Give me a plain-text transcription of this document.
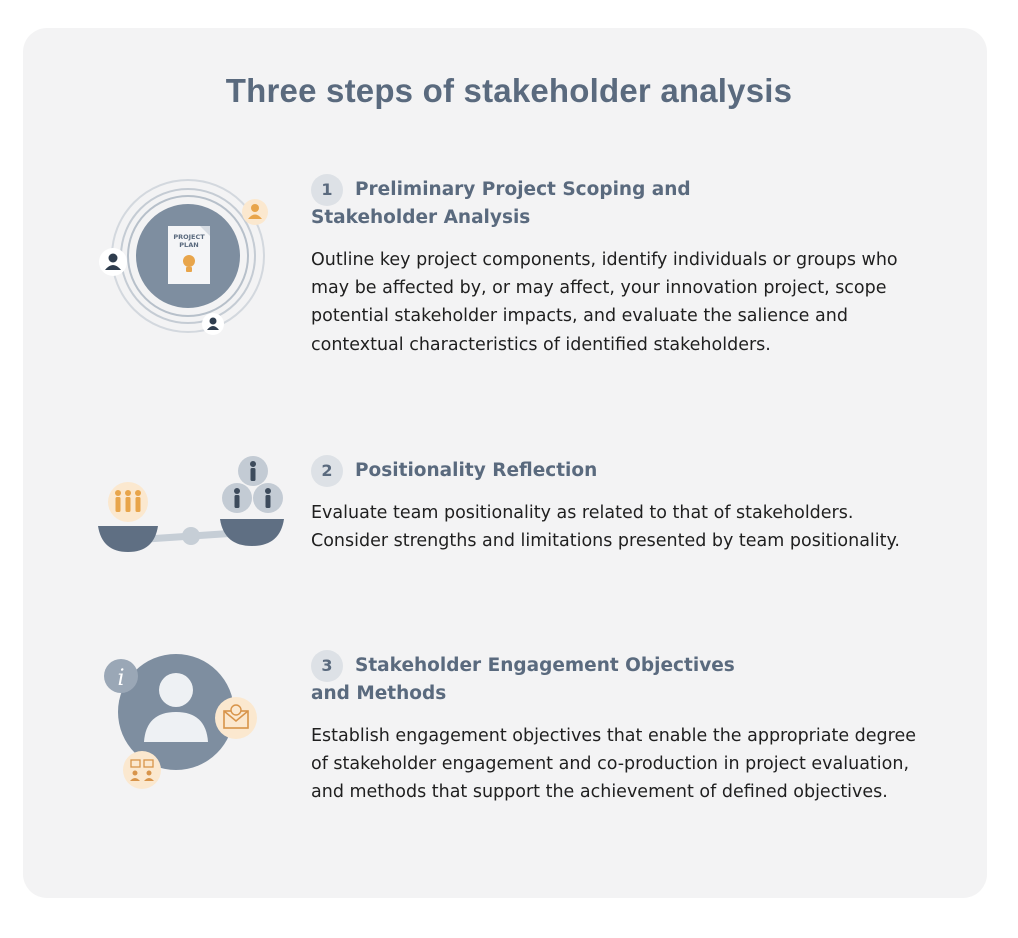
Three steps of stakeholder analysis
PROJECT
PLAN
1	Preliminary Project Scoping and Stakeholder Analysis

Outline key project components, identify individuals or groups who may be affected by, or may affect, your innovation project, scope potential stakeholder impacts, and evaluate the salience and contextual characteristics of identified stakeholders.

2	Positionality Reflection

Evaluate team positionality as related to that of stakeholders. Consider strengths and limitations presented by team positionality.

i
3	Stakeholder Engagement Objectives and Methods

Establish engagement objectives that enable the appropriate degree of stakeholder engagement and co-production in project evaluation, and methods that support the achievement of defined objectives.
